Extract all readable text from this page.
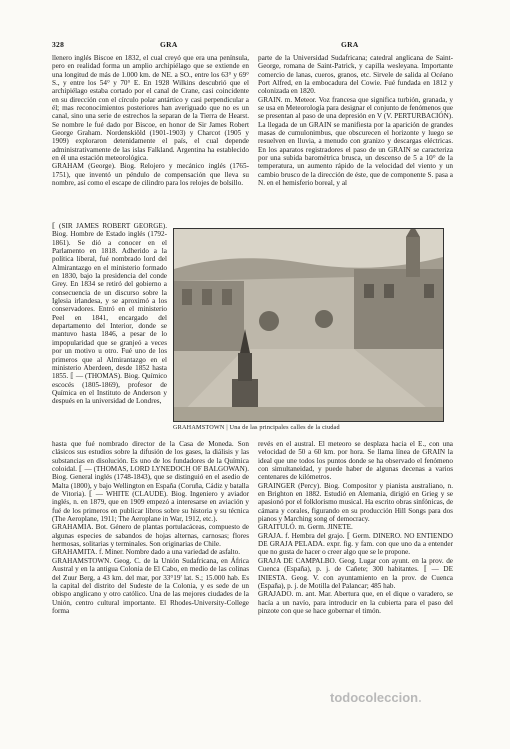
328	GRA	GRA

llenero inglés Biscoe en 1832, el cual creyó que era una península, pero en realidad forma un amplio archipiélago que se extiende en una longitud de más de 1.000 km. de NE. a SO., entre los 63° y 69° S., y entre los 54° y 70° E. En 1928 Wilkins descubrió que el archipiélago estaba cortado por el canal de Crane, casi coincidente en su dirección con el círculo polar antártico y casi perpendicular a él; mas reconocimientos posteriores han averiguado que no es un canal, sino una serie de estrechos la separan de la Tierra de Hearst. Se nombre le fué dado por Biscoe, en honor de Sir James Robert George Graham. Nordenskiöld (1901-1903) y Charcot (1905 y 1909) exploraron detenidamente el país, el cual depende administrativamente de las islas Falkland. Argentina ha establecido en él una estación meteorológica.

GRAHAM (George). Biog. Relojero y mecánico inglés (1765-1751), que inventó un péndulo de compensación que lleva su nombre, así como el escape de cilindro para los relojes de bolsillo.

⟦ (SIR JAMES ROBERT GEORGE). Biog. Hombre de Estado inglés (1792-1861). Se dió a conocer en el Parlamento en 1818. Adherido a la política liberal, fué nombrado lord del Almirantazgo en el ministerio formado en 1830, bajo la presidencia del conde Grey. En 1834 se retiró del gobierno a consecuencia de un discurso sobre la Iglesia irlandesa, y se aproximó a los conservadores. Entró en el ministerio Peel en 1841, encargado del departamento del Interior, donde se mantuvo hasta 1846, a pesar de lo impopularidad que se granjeó a veces por un motivo u otro. Fué uno de los primeros que al Almirantazgo en el ministerio Aberdeen, desde 1852 hasta 1855. ⟦ — (THOMAS). Biog. Químico escocés (1805-1869), profesor de Química en el Instituto de Anderson y después en la universidad de Londres,

hasta que fué nombrado director de la Casa de Moneda. Son clásicos sus estudios sobre la difusión de los gases, la diálisis y las substancias en disolución. Es uno de los fundadores de la Química coloidal. ⟦ — (THOMAS, LORD LYNEDOCH OF BALGOWAN). Biog. General inglés (1748-1843), que se distinguió en el asedio de Malta (1800), y bajo Wellington en España (Coruña, Cádiz y batalla de Vitoria). ⟦ — WHITE (CLAUDE). Biog. Ingeniero y aviador inglés, n. en 1879, que en 1909 empezó a interesarse en aviación y fué de los primeros en publicar libros sobre su historia y su técnica (The Aeroplane, 1911; The Aeroplane in War, 1912, etc.).

GRAHAMIA. Bot. Género de plantas portulacáceas, compuesto de algunas especies de sabandos de hojas alternas, carnosas; flores hermosas, solitarias y terminales. Son originarias de Chile.

GRAHAMITA. f. Miner. Nombre dado a una variedad de asfalto.

GRAHAMSTOWN. Geog. C. de la Unión Sudafricana, en África Austral y en la antigua Colonia de El Cabo, en medio de las colinas del Zuur Berg, a 43 km. del mar, por 33°19' lat. S.; 15.000 hab. Es la capital del distrito del Sudeste de la Colonia, y es sede de un obispo anglicano y otro católico. Una de las mejores ciudades de la Unión, centro cultural importante. El Rhodes-University-College forma

parte de la Universidad Sudafricana; catedral anglicana de Saint-George, romana de Saint-Patrick, y capilla wesleyana. Importante comercio de lanas, cueros, granos, etc. Sirvele de salida al Océano Port Alfred, en la embocadura del Cowie. Fué fundada en 1812 y colonizada en 1820.

GRAIN. m. Meteor. Voz francesa que significa turbión, granada, y se usa en Meteorología para designar el conjunto de fenómenos que se presentan al paso de una depresión en V (V. PERTURBACIÓN). La llegada de un GRAIN se manifiesta por la aparición de grandes masas de cumulonimbus, que obscurecen el horizonte y luego se resuelven en lluvia, a menudo con granizo y descargas eléctricas. En los aparatos registradores el paso de un GRAIN se caracteriza por una subida barométrica brusca, un descenso de 5 a 10° de la temperatura, un aumento rápido de la velocidad del viento y un cambio brusco de la dirección de éste, que de componente S. pasa a N. en el hemisferio boreal, y al

GRAHAMSTOWN | Una de las principales calles de la ciudad

revés en el austral. El meteoro se desplaza hacia el E., con una velocidad de 50 a 60 km. por hora. Se llama línea de GRAIN la ideal que une todos los puntos donde se ha observado el fenómeno con simultaneidad, y puede haber de algunas decenas a varios centenares de kilómetros.

GRAINGER (Percy). Biog. Compositor y pianista australiano, n. en Brighton en 1882. Estudió en Alemania, dirigió en Grieg y se apasionó por el folklorismo musical. Ha escrito obras sinfónicas, de cámara y corales, figurando en su producción Hill Songs para dos pianos y Marching song of democracy.

GRAITULÓ. m. Germ. JINETE.

GRAJA. f. Hembra del grajo. ⟦ Germ. DINERO. NO ENTIENDO DE GRAJA PELADA. expr. fig. y fam. con que uno da a entender que no gusta de hacer o creer algo que se le propone.

GRAJA DE CAMPALBO. Geog. Lugar con ayunt. en la prov. de Cuenca (España), p. j. de Cañete; 300 habitantes. ⟦ — DE INIESTA. Geog. V. con ayuntamiento en la prov. de Cuenca (España), p. j. de Motilla del Palancar; 485 hab.

GRAJADO. m. ant. Mar. Abertura que, en el dique o varadero, se hacía a un navío, para introducir en la cubierta para el paso del pinzote con que se hace gobernar el timón.

todocoleccion.
